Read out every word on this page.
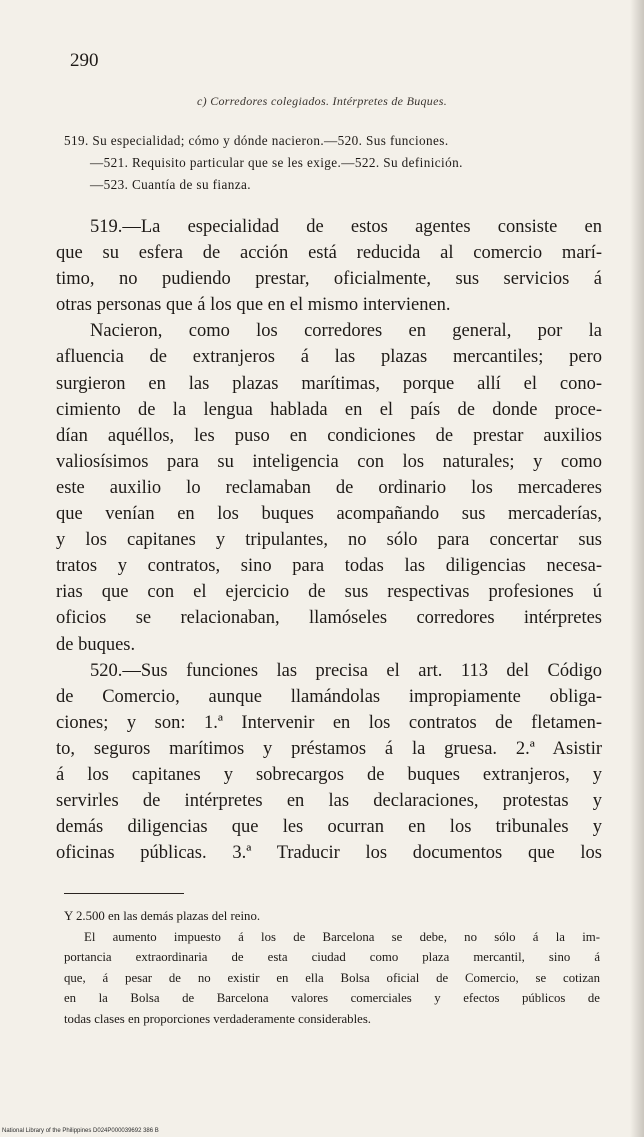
290
c) Corredores colegiados. Intérpretes de Buques.
519. Su especialidad; cómo y dónde nacieron.—520. Sus funciones.
—521. Requisito particular que se les exige.—522. Su definición.
—523. Cuantía de su fianza.
519.—La especialidad de estos agentes consiste en
que su esfera de acción está reducida al comercio marí-
timo, no pudiendo prestar, oficialmente, sus servicios á
otras personas que á los que en el mismo intervienen.
Nacieron, como los corredores en general, por la
afluencia de extranjeros á las plazas mercantiles; pero
surgieron en las plazas marítimas, porque allí el cono-
cimiento de la lengua hablada en el país de donde proce-
dían aquéllos, les puso en condiciones de prestar auxilios
valiosísimos para su inteligencia con los naturales; y como
este auxilio lo reclamaban de ordinario los mercaderes
que venían en los buques acompañando sus mercaderías,
y los capitanes y tripulantes, no sólo para concertar sus
tratos y contratos, sino para todas las diligencias necesa-
rias que con el ejercicio de sus respectivas profesiones ú
oficios se relacionaban, llamóseles corredores intérpretes
de buques.
520.—Sus funciones las precisa el art. 113 del Código
de Comercio, aunque llamándolas impropiamente obliga-
ciones; y son: 1.ª Intervenir en los contratos de fletamen-
to, seguros marítimos y préstamos á la gruesa. 2.ª Asistir
á los capitanes y sobrecargos de buques extranjeros, y
servirles de intérpretes en las declaraciones, protestas y
demás diligencias que les ocurran en los tribunales y
oficinas públicas. 3.ª Traducir los documentos que los
Y 2.500 en las demás plazas del reino.
El aumento impuesto á los de Barcelona se debe, no sólo á la im-
portancia extraordinaria de esta ciudad como plaza mercantil, sino á
que, á pesar de no existir en ella Bolsa oficial de Comercio, se cotizan
en la Bolsa de Barcelona valores comerciales y efectos públicos de
todas clases en proporciones verdaderamente considerables.
National Library of the Philippines D024P000039692 386 B
